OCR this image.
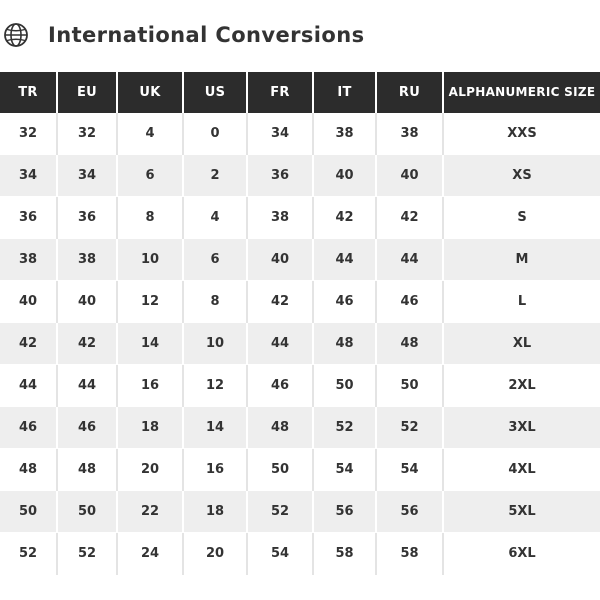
International Conversions
TR	EU	UK	US	FR	IT	RU	ALPHANUMERIC SIZE
32	32	4	0	34	38	38	XXS
34	34	6	2	36	40	40	XS
36	36	8	4	38	42	42	S
38	38	10	6	40	44	44	M
40	40	12	8	42	46	46	L
42	42	14	10	44	48	48	XL
44	44	16	12	46	50	50	2XL
46	46	18	14	48	52	52	3XL
48	48	20	16	50	54	54	4XL
50	50	22	18	52	56	56	5XL
52	52	24	20	54	58	58	6XL
